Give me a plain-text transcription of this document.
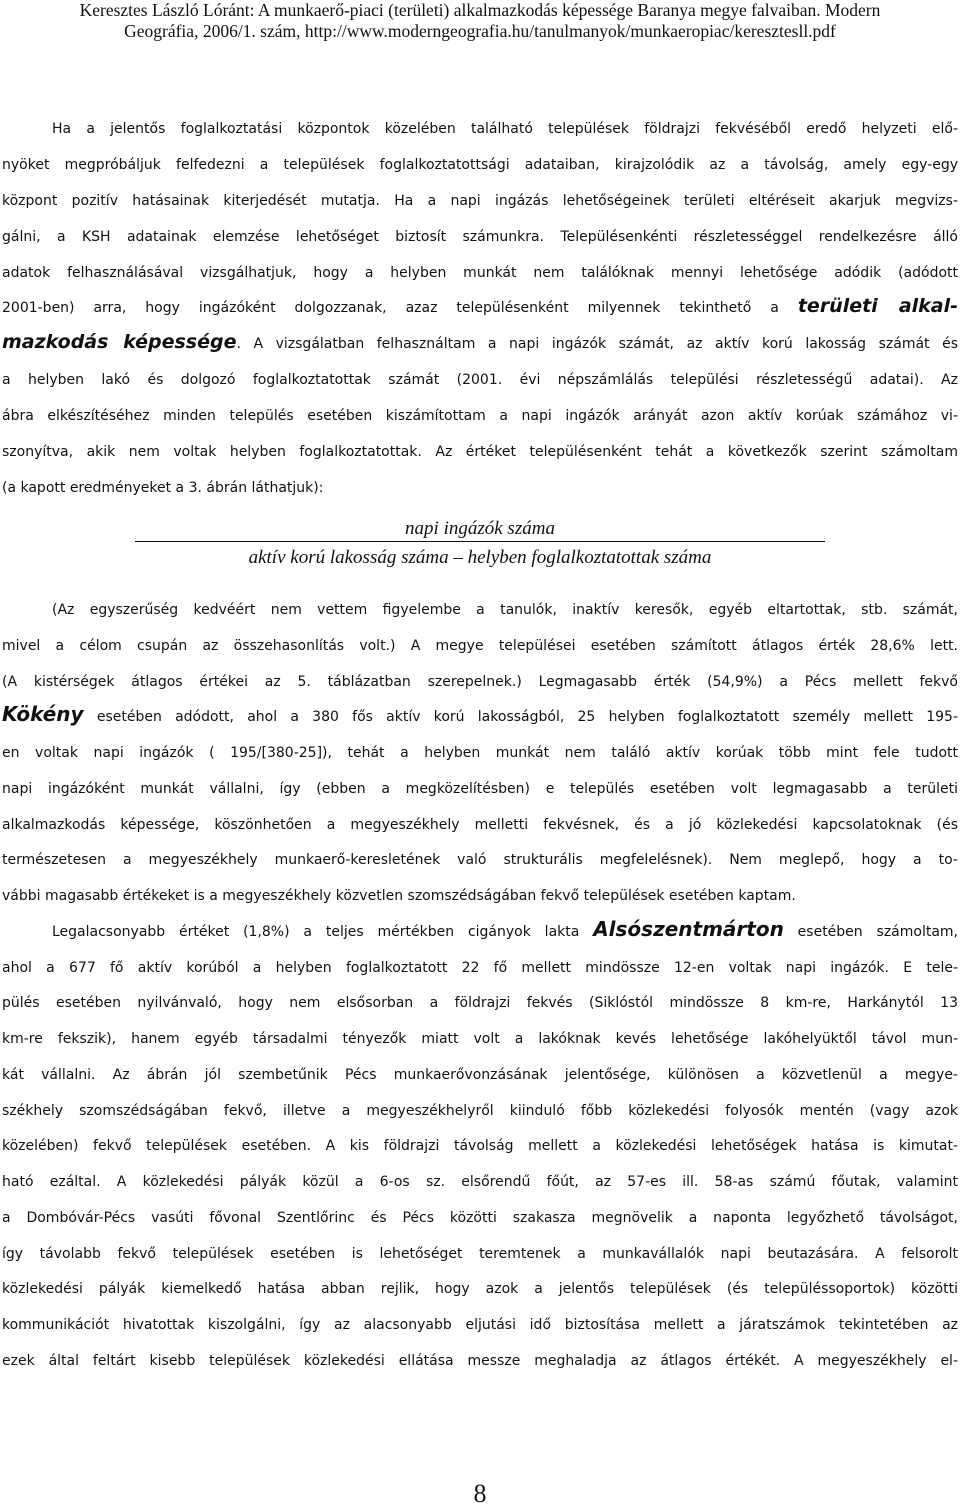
Keresztes László Lóránt: A munkaerő-piaci (területi) alkalmazkodás képessége Baranya megye falvaiban. Modern
Geográfia, 2006/1. szám, http://www.moderngeografia.hu/tanulmanyok/munkaeropiac/keresztesll.pdf
Ha a jelentős foglalkoztatási központok közelében található települések földrajzi fekvéséből eredő helyzeti elő-
nyöket megpróbáljuk felfedezni a települések foglalkoztatottsági adataiban, kirajzolódik az a távolság, amely egy-egy
központ pozitív hatásainak kiterjedését mutatja. Ha a napi ingázás lehetőségeinek területi eltéréseit akarjuk megvizs-
gálni, a KSH adatainak elemzése lehetőséget biztosít számunkra. Településenkénti részletességgel rendelkezésre álló
adatok felhasználásával vizsgálhatjuk, hogy a helyben munkát nem találóknak mennyi lehetősége adódik (adódott
2001-ben) arra, hogy ingázóként dolgozzanak, azaz településenként milyennek tekinthető a területi alkal-
mazkodás képessége. A vizsgálatban felhasználtam a napi ingázók számát, az aktív korú lakosság számát és
a helyben lakó és dolgozó foglalkoztatottak számát (2001. évi népszámlálás települési részletességű adatai). Az
ábra elkészítéséhez minden település esetében kiszámítottam a napi ingázók arányát azon aktív korúak számához vi-
szonyítva, akik nem voltak helyben foglalkoztatottak. Az értéket településenként tehát a következők szerint számoltam
(a kapott eredményeket a 3. ábrán láthatjuk):
napi ingázók száma
aktív korú lakosság száma – helyben foglalkoztatottak száma
(Az egyszerűség kedvéért nem vettem figyelembe a tanulók, inaktív keresők, egyéb eltartottak, stb. számát,
mivel a célom csupán az összehasonlítás volt.) A megye települései esetében számított átlagos érték 28,6% lett.
(A kistérségek átlagos értékei az 5. táblázatban szerepelnek.) Legmagasabb érték (54,9%) a Pécs mellett fekvő
Kökény esetében adódott, ahol a 380 fős aktív korú lakosságból, 25 helyben foglalkoztatott személy mellett 195-
en voltak napi ingázók ( 195/[380-25]), tehát a helyben munkát nem találó aktív korúak több mint fele tudott
napi ingázóként munkát vállalni, így (ebben a megközelítésben) e település esetében volt legmagasabb a területi
alkalmazkodás képessége, köszönhetően a megyeszékhely melletti fekvésnek, és a jó közlekedési kapcsolatoknak (és
természetesen a megyeszékhely munkaerő-keresletének való strukturális megfelelésnek). Nem meglepő, hogy a to-
vábbi magasabb értékeket is a megyeszékhely közvetlen szomszédságában fekvő települések esetében kaptam.
Legalacsonyabb értéket (1,8%) a teljes mértékben cigányok lakta Alsószentmárton esetében számoltam,
ahol a 677 fő aktív korúból a helyben foglalkoztatott 22 fő mellett mindössze 12-en voltak napi ingázók. E tele-
pülés esetében nyilvánvaló, hogy nem elsősorban a földrajzi fekvés (Siklóstól mindössze 8 km-re, Harkánytól 13
km-re fekszik), hanem egyéb társadalmi tényezők miatt volt a lakóknak kevés lehetősége lakóhelyüktől távol mun-
kát vállalni. Az ábrán jól szembetűnik Pécs munkaerővonzásának jelentősége, különösen a közvetlenül a megye-
székhely szomszédságában fekvő, illetve a megyeszékhelyről kiinduló főbb közlekedési folyosók mentén (vagy azok
közelében) fekvő települések esetében. A kis földrajzi távolság mellett a közlekedési lehetőségek hatása is kimutat-
ható ezáltal. A közlekedési pályák közül a 6-os sz. elsőrendű főút, az 57-es ill. 58-as számú főutak, valamint
a Dombóvár-Pécs vasúti fővonal Szentlőrinc és Pécs közötti szakasza megnövelik a naponta legyőzhető távolságot,
így távolabb fekvő települések esetében is lehetőséget teremtenek a munkavállalók napi beutazására. A felsorolt
közlekedési pályák kiemelkedő hatása abban rejlik, hogy azok a jelentős települések (és településsoportok) közötti
kommunikációt hivatottak kiszolgálni, így az alacsonyabb eljutási idő biztosítása mellett a járatszámok tekintetében az
ezek által feltárt kisebb települések közlekedési ellátása messze meghaladja az átlagos értékét. A megyeszékhely el-
8
